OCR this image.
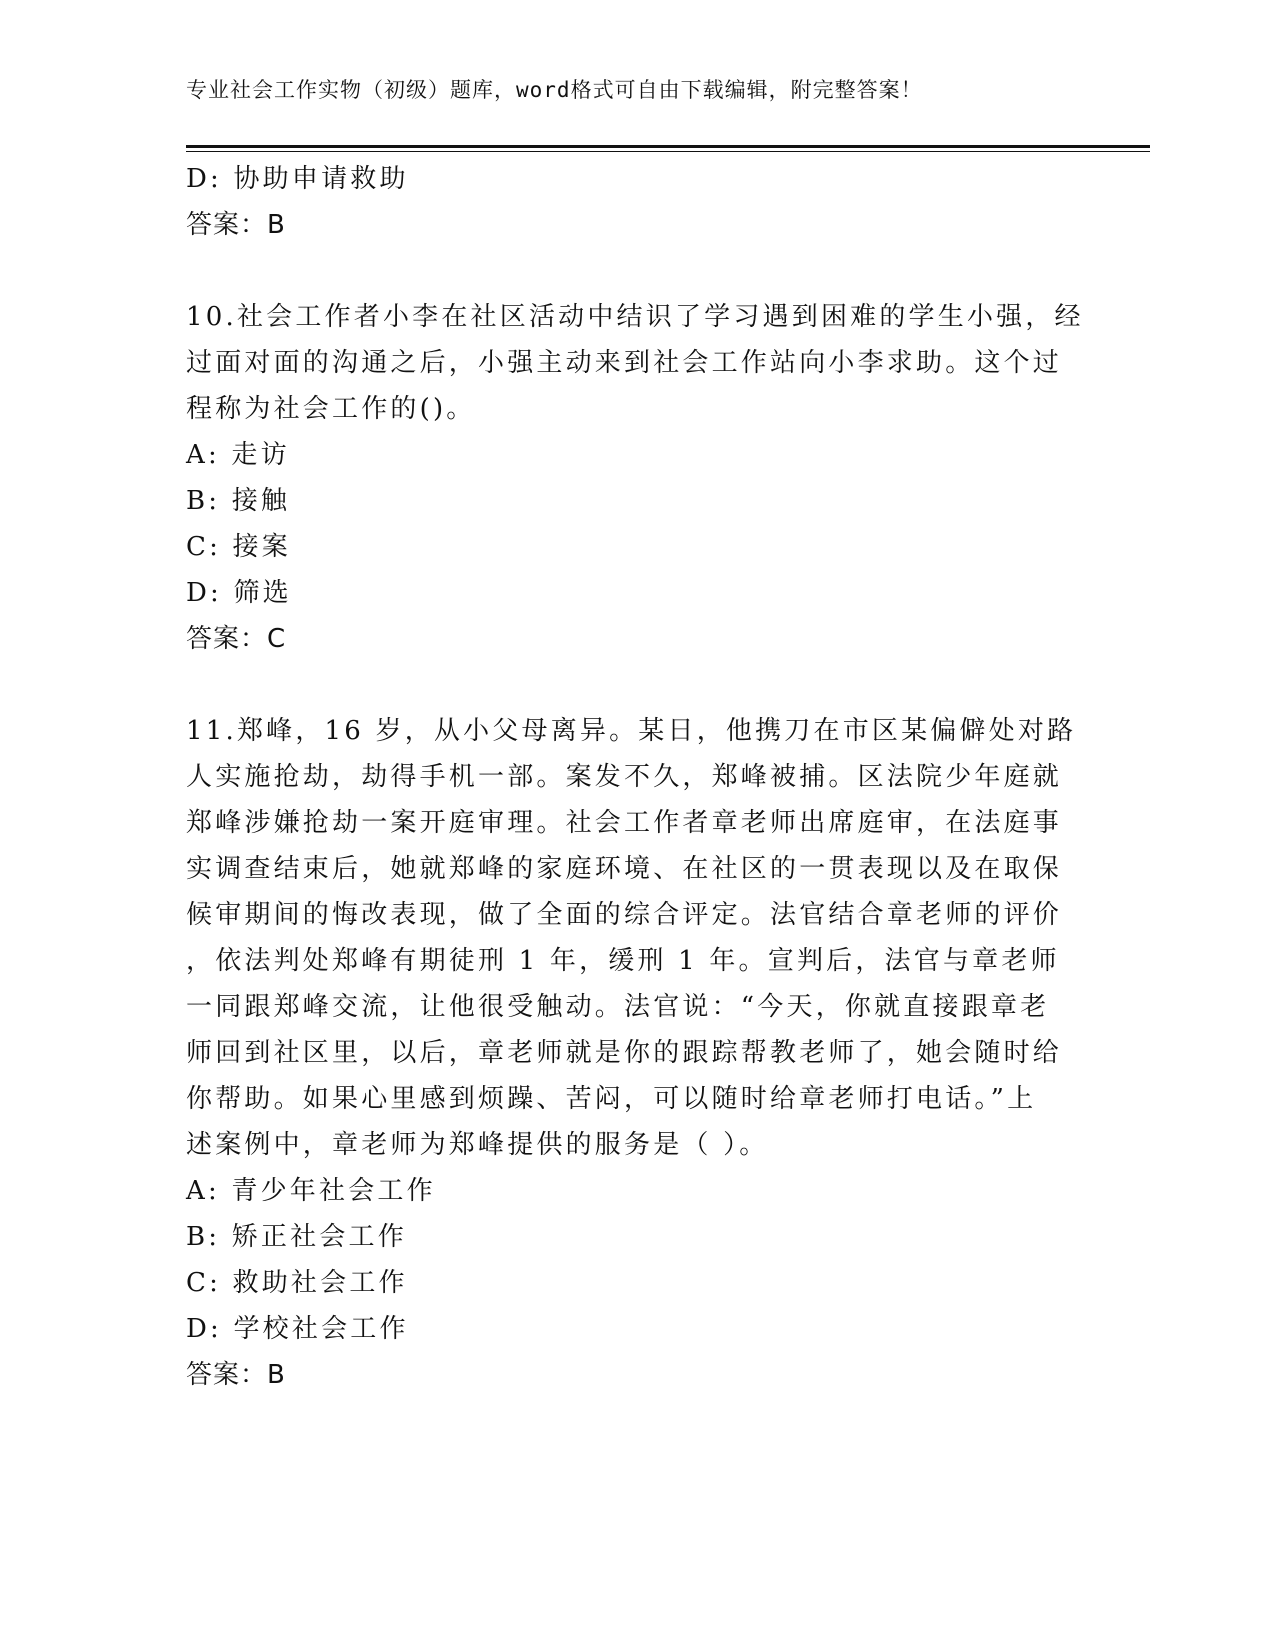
专业社会工作实物（初级）题库，word格式可自由下载编辑，附完整答案！
D: 协助申请救助
答案：B
10.社会工作者小李在社区活动中结识了学习遇到困难的学生小强，经
过面对面的沟通之后，小强主动来到社会工作站向小李求助。这个过
程称为社会工作的()。
A: 走访
B: 接触
C: 接案
D: 筛选
答案：C
11.郑峰，16 岁，从小父母离异。某日，他携刀在市区某偏僻处对路
人实施抢劫，劫得手机一部。案发不久，郑峰被捕。区法院少年庭就
郑峰涉嫌抢劫一案开庭审理。社会工作者章老师出席庭审，在法庭事
实调查结束后，她就郑峰的家庭环境、在社区的一贯表现以及在取保
候审期间的悔改表现，做了全面的综合评定。法官结合章老师的评价
，依法判处郑峰有期徒刑 1 年，缓刑 1 年。宣判后，法官与章老师
一同跟郑峰交流，让他很受触动。法官说：“今天，你就直接跟章老
师回到社区里，以后，章老师就是你的跟踪帮教老师了，她会随时给
你帮助。如果心里感到烦躁、苦闷，可以随时给章老师打电话。”上
述案例中，章老师为郑峰提供的服务是（ ）。
A: 青少年社会工作
B: 矫正社会工作
C: 救助社会工作
D: 学校社会工作
答案：B
